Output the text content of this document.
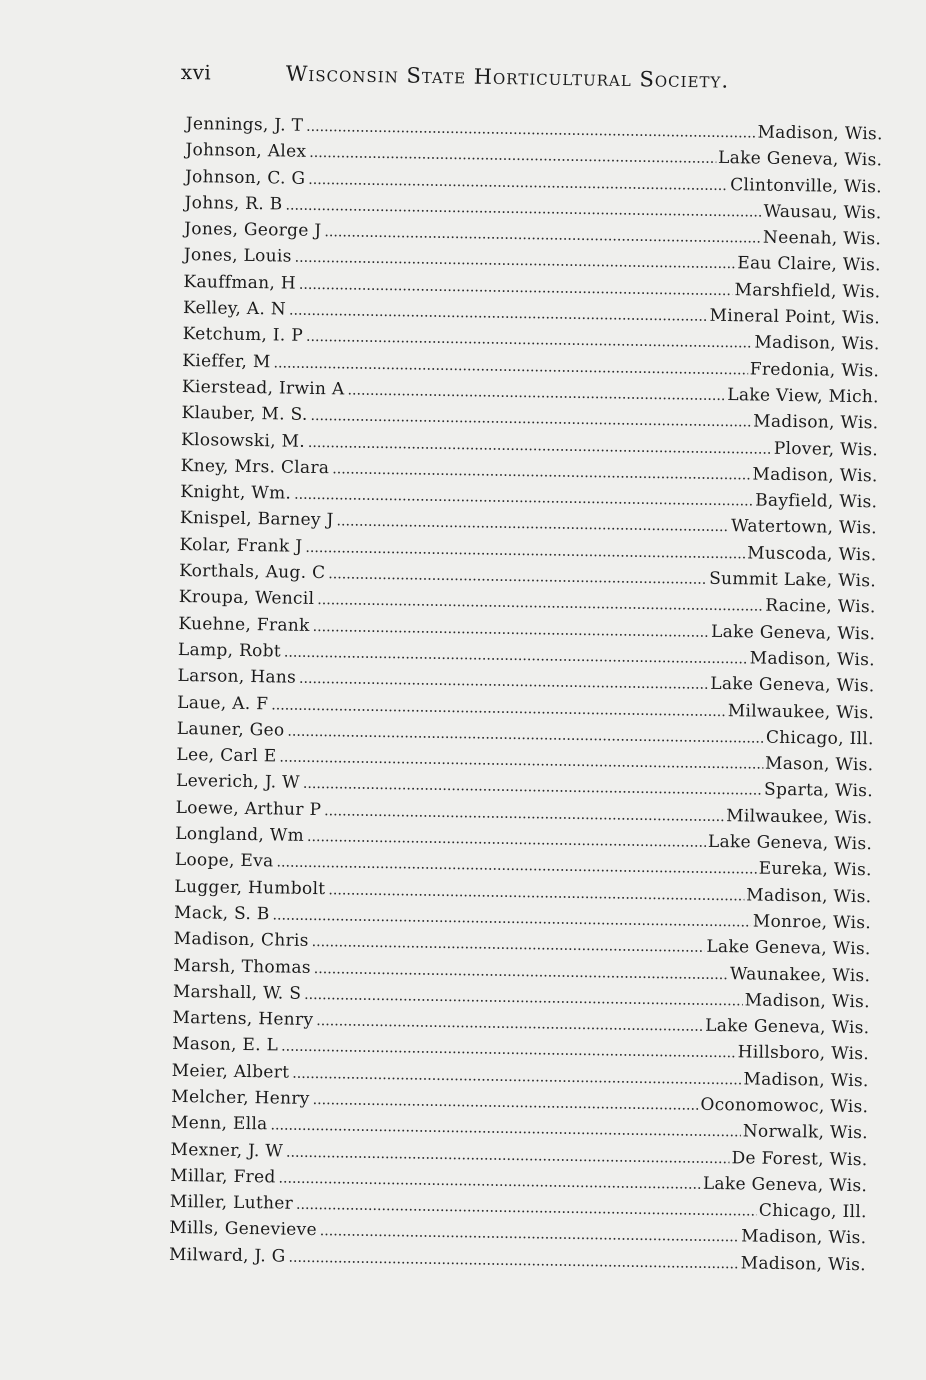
xvi	Wisconsin State Horticultural Society.
Jennings, J. T . . .	Madison, Wis.
Johnson, Alex . . .	Lake Geneva, Wis.
Johnson, C. G . . .	Clintonville, Wis.
Johns, R. B . . .	Wausau, Wis.
Jones, George J . . .	Neenah, Wis.
Jones, Louis . . .	Eau Claire, Wis.
Kauffman, H . . .	Marshfield, Wis.
Kelley, A. N . . .	Mineral Point, Wis.
Ketchum, I. P . . .	Madison, Wis.
Kieffer, M . . .	Fredonia, Wis.
Kierstead, Irwin A . . .	Lake View, Mich.
Klauber, M. S. . . .	Madison, Wis.
Klosowski, M. . . .	Plover, Wis.
Kney, Mrs. Clara . . .	Madison, Wis.
Knight, Wm. . . .	Bayfield, Wis.
Knispel, Barney J . . .	Watertown, Wis.
Kolar, Frank J . . .	Muscoda, Wis.
Korthals, Aug. C . . .	Summit Lake, Wis.
Kroupa, Wencil . . .	Racine, Wis.
Kuehne, Frank . . .	Lake Geneva, Wis.
Lamp, Robt . . .	Madison, Wis.
Larson, Hans . . .	Lake Geneva, Wis.
Laue, A. F . . .	Milwaukee, Wis.
Launer, Geo . . .	Chicago, Ill.
Lee, Carl E . . .	Mason, Wis.
Leverich, J. W . . .	Sparta, Wis.
Loewe, Arthur P . . .	Milwaukee, Wis.
Longland, Wm . . .	Lake Geneva, Wis.
Loope, Eva . . .	Eureka, Wis.
Lugger, Humbolt . . .	Madison, Wis.
Mack, S. B . . .	Monroe, Wis.
Madison, Chris . . .	Lake Geneva, Wis.
Marsh, Thomas . . .	Waunakee, Wis.
Marshall, W. S . . .	Madison, Wis.
Martens, Henry . . .	Lake Geneva, Wis.
Mason, E. L . . .	Hillsboro, Wis.
Meier, Albert . . .	Madison, Wis.
Melcher, Henry . . .	Oconomowoc, Wis.
Menn, Ella . . .	Norwalk, Wis.
Mexner, J. W . . .	De Forest, Wis.
Millar, Fred . . .	Lake Geneva, Wis.
Miller, Luther . . .	Chicago, Ill.
Mills, Genevieve . . .	Madison, Wis.
Milward, J. G . . .	Madison, Wis.
